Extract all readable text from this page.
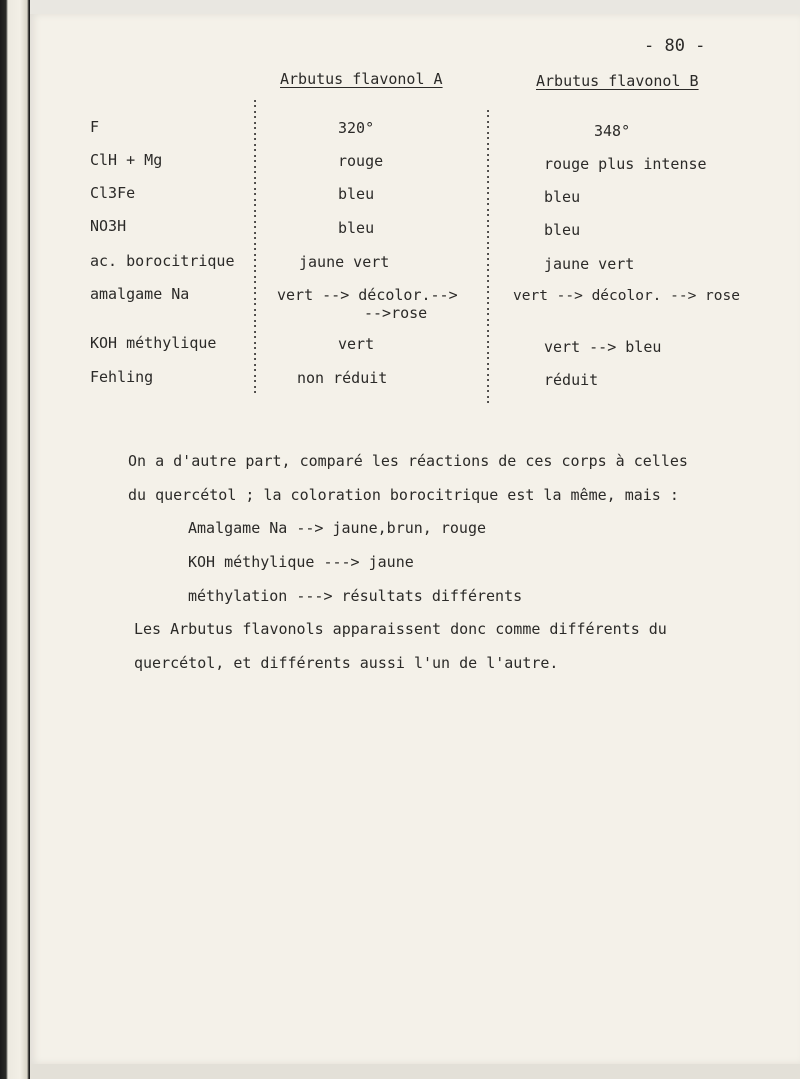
- 80 -
Arbutus flavonol A	Arbutus flavonol B
:
:
:
:
:
:
:
:
:
:
:
:
:
:
:
:
:
:
:
:
:
:
:
:
:
:
:
:
:
:
:
:
:
:
:
:
:
:
:
:
:
:
:
:
:
:
:
:
:
:
:
:
:
:
F
ClH + Mg
Cl3Fe
NO3H
ac. borocitrique
amalgame Na
KOH méthylique
Fehling
320°
rouge
bleu
bleu
jaune vert
vert --> décolor.-->
-->rose
vert
non réduit
348°
rouge plus intense
bleu
bleu
jaune vert
vert --> décolor. --> rose
vert --> bleu
réduit
On a d'autre part, comparé les réactions de ces corps à celles
du quercétol ; la coloration borocitrique est la même, mais :
Amalgame Na --> jaune,brun, rouge
KOH méthylique ---> jaune
méthylation ---> résultats différents
Les Arbutus flavonols apparaissent donc comme différents du
quercétol, et différents aussi l'un de l'autre.
